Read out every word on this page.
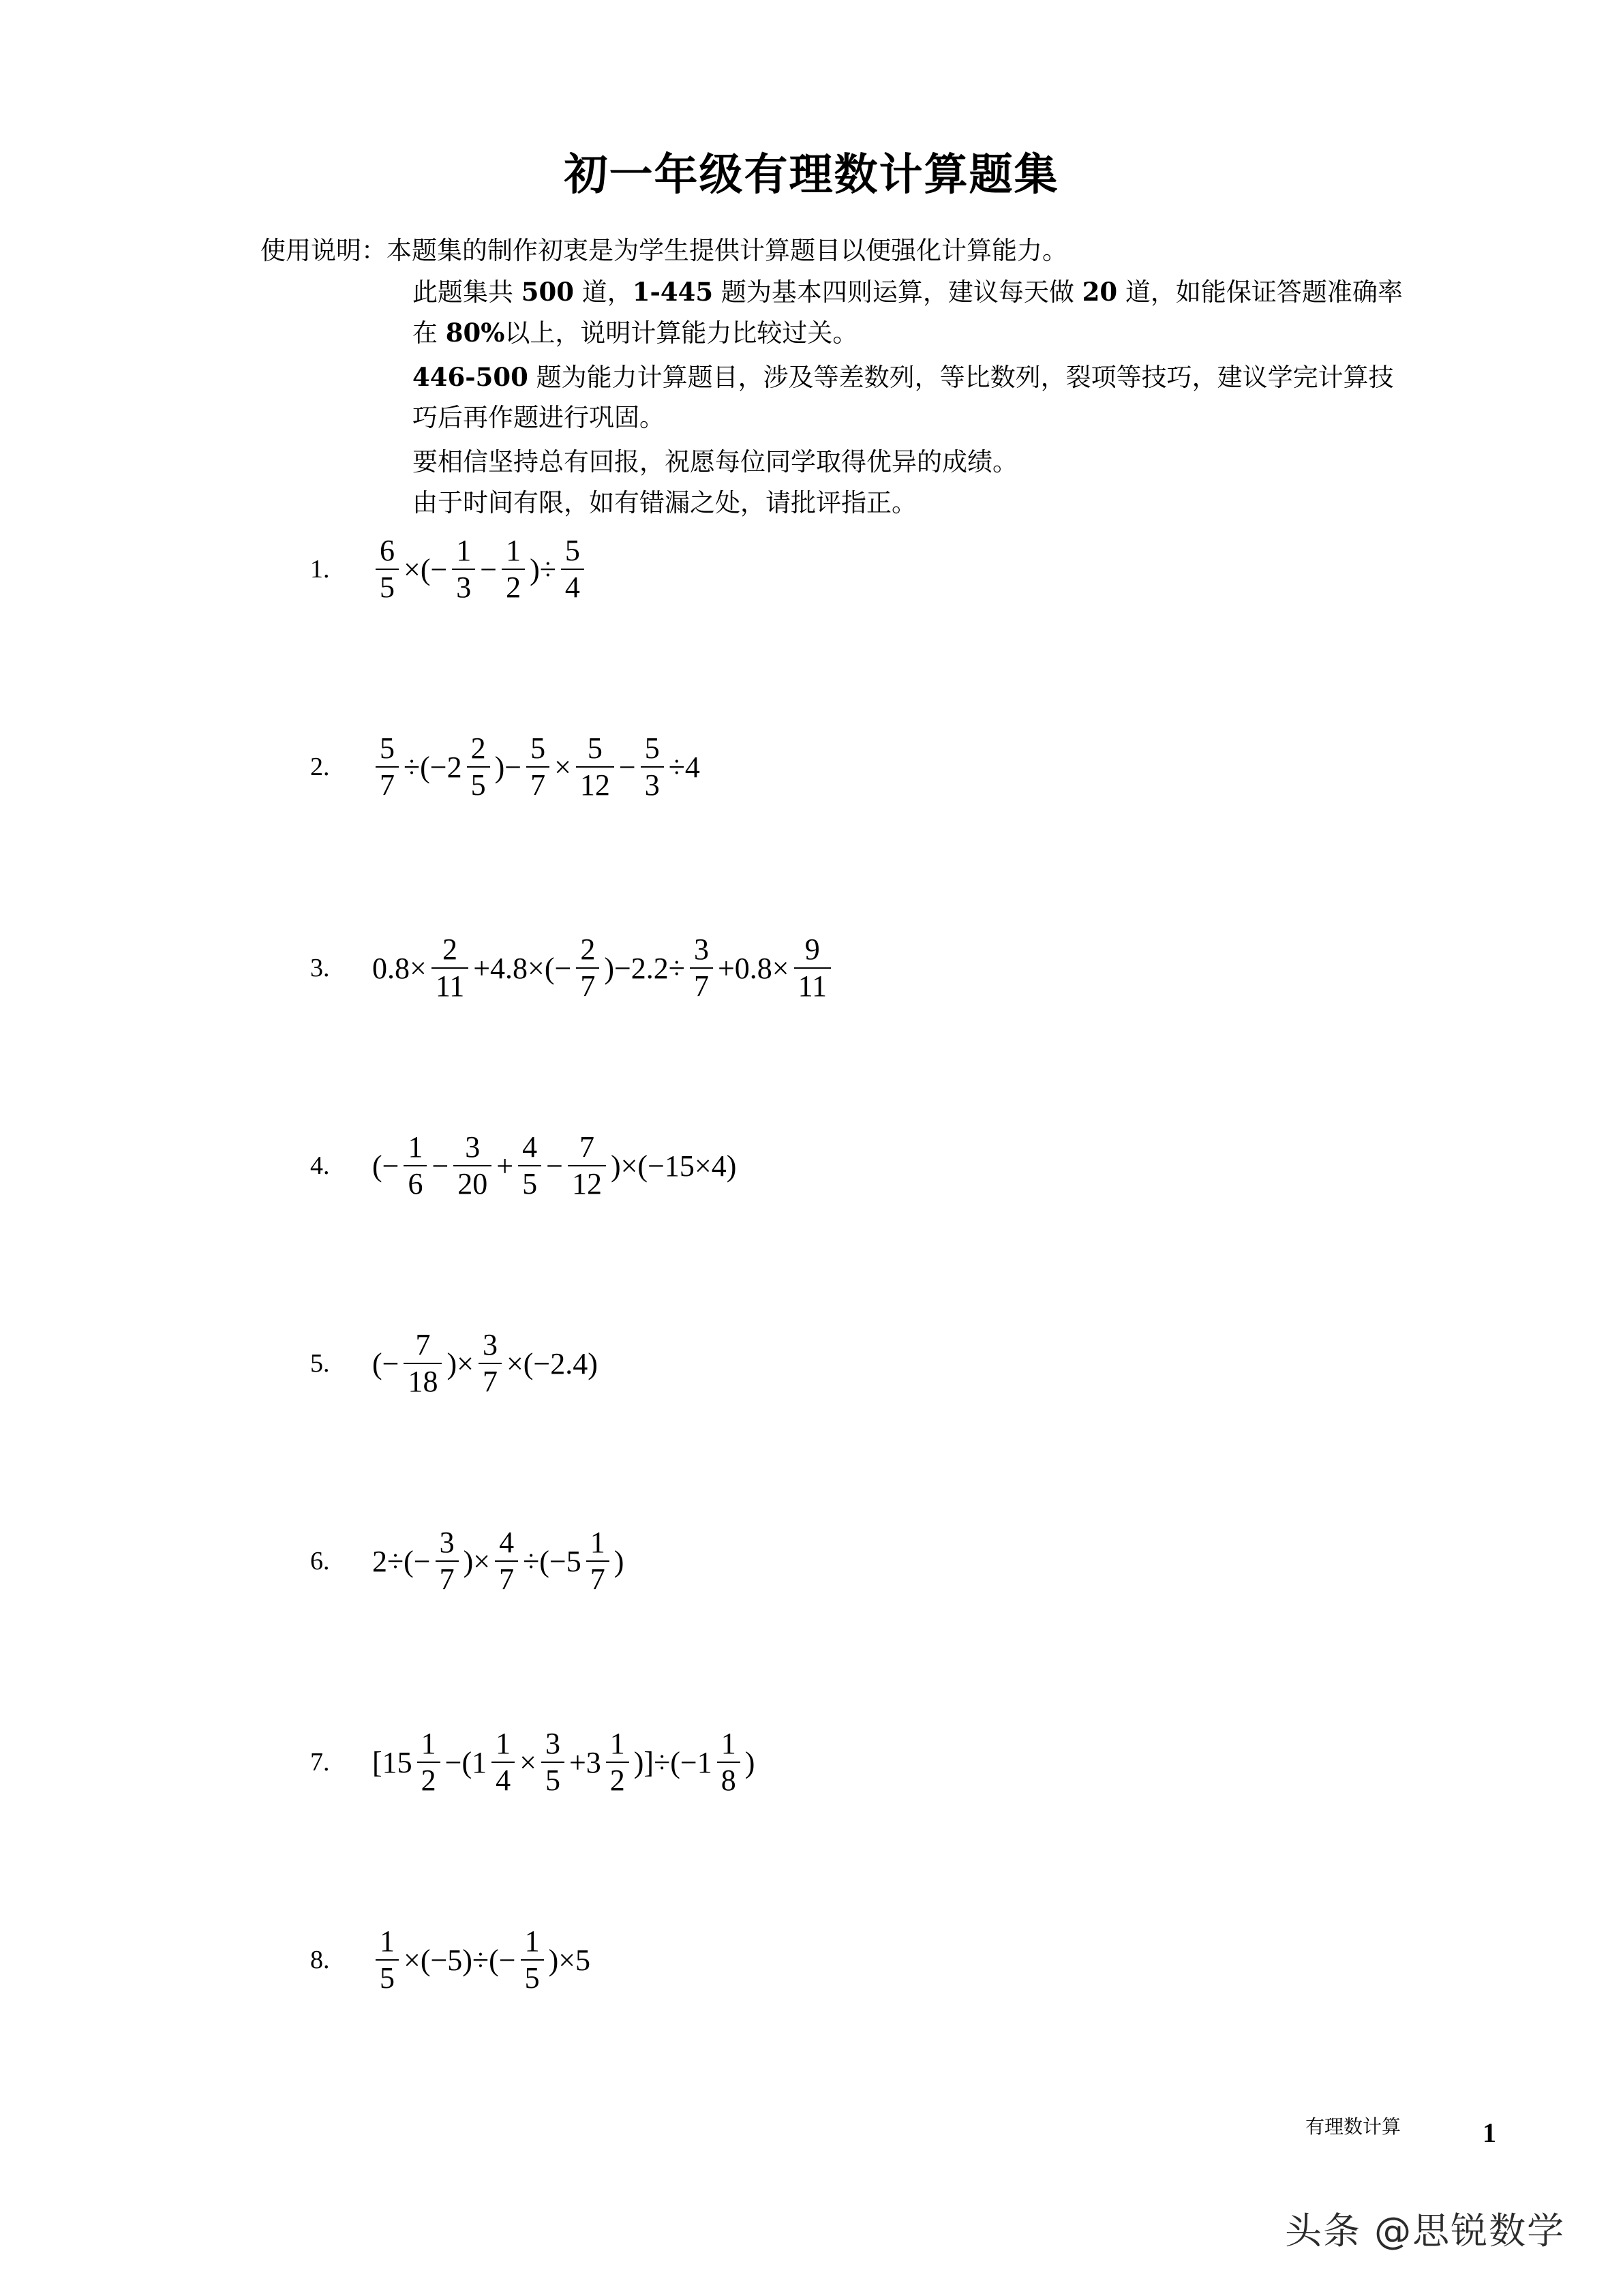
初一年级有理数计算题集
使用说明：本题集的制作初衷是为学生提供计算题目以便强化计算能力。
此题集共 500 道，1-445 题为基本四则运算，建议每天做 20 道，如能保证答题准确率
在 80%以上，说明计算能力比较过关。
446-500 题为能力计算题目，涉及等差数列，等比数列，裂项等技巧，建议学完计算技
巧后再作题进行巩固。
要相信坚持总有回报，祝愿每位同学取得优异的成绩。
由于时间有限，如有错漏之处，请批评指正。
1. $\frac{6}{5}$ ×(− $\frac{1}{3} - \frac{1}{2}$ )÷ $\frac{5}{4}$
2. $\frac{5}{7} \div(-2 \frac{2}{5}$ )− $\frac{5}{7} \times \frac{5}{12} - \frac{5}{3} \div 4$
3. $0.8\times \frac{2}{11} +4.8\times(- \frac{2}{7} )-2.2\div \frac{3}{7} +0.8\times \frac{9}{11}$
4. (− $\frac{1}{6} - \frac{3}{20} + \frac{4}{5} - \frac{7}{12} )\times(-15\times 4)$
5. (− $\frac{7}{18}$ )× $\frac{3}{7} \times(-2.4)$
6. $2\div(- \frac{3}{7}$ )× $\frac{4}{7} \div(-5 \frac{1}{7}$ )
7. $[15 \frac{1}{2} -(1 \frac{1}{4} \times \frac{3}{5} +3 \frac{1}{2} )]\div(-1 \frac{1}{8}$ )
8. $\frac{1}{5} \times(-5)\div(- \frac{1}{5} )\times 5$
有理数计算	1
头条 @思锐数学
